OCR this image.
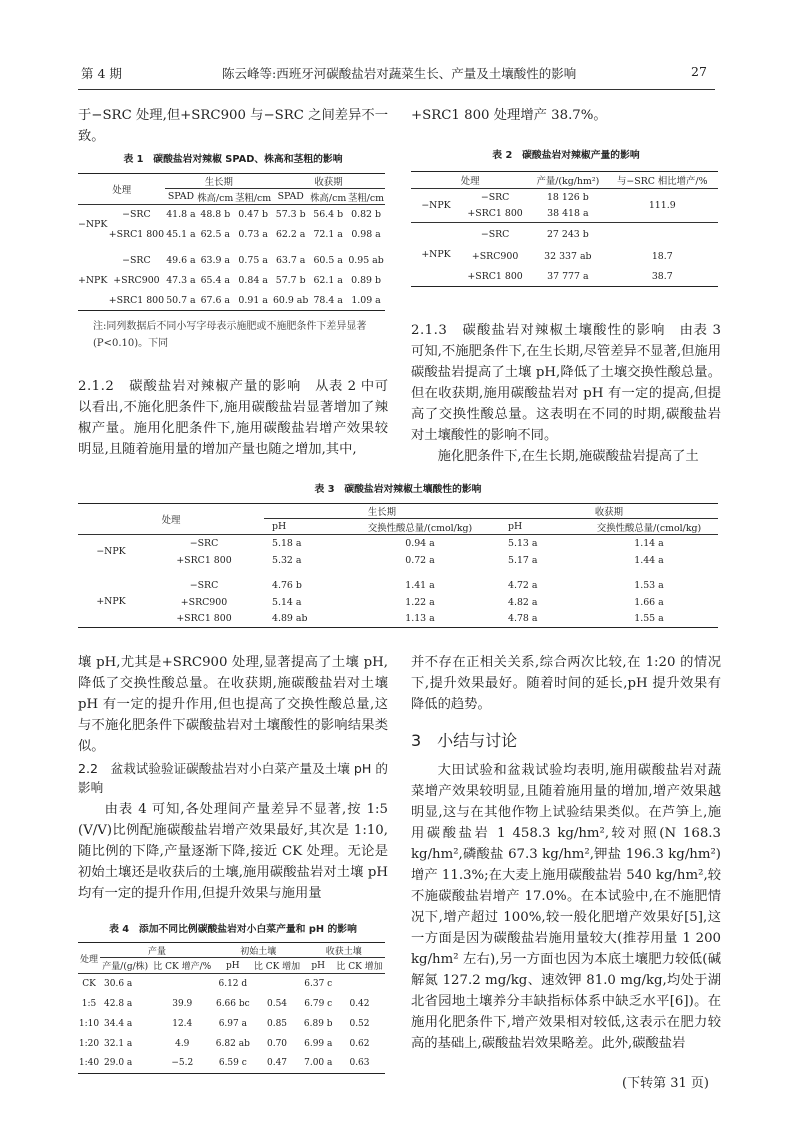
第 4 期	陈云峰等:西班牙河碳酸盐岩对蔬菜生长、产量及土壤酸性的影响	27
于−SRC 处理,但+SRC900 与−SRC 之间差异不一致。
+SRC1 800 处理增产 38.7%。
表 1　碳酸盐岩对辣椒 SPAD、株高和茎粗的影响
处理		生长期			收获期		
		SPAD	株高/cm	茎粗/cm	SPAD	株高/cm	茎粗/cm
−NPK	−SRC	41.8 a	48.8 b	0.47 b	57.3 b	56.4 b	0.82 b
	+SRC1 800	45.1 a	62.5 a	0.73 a	62.2 a	72.1 a	0.98 a

+NPK	−SRC	49.6 a	63.9 a	0.75 a	63.7 a	60.5 a	0.95 ab
	+SRC900	47.3 a	65.4 a	0.84 a	57.7 b	62.1 a	0.89 b
	+SRC1 800	50.7 a	67.6 a	0.91 a	60.9 ab	78.4 a	1.09 a
注:同列数据后不同小写字母表示施肥或不施肥条件下差异显著
(P<0.10)。下同
表 2　碳酸盐岩对辣椒产量的影响
处理		产量/(kg/hm²)	与−SRC 相比增产/%
−NPK	−SRC	18 126 b	111.9
	+SRC1 800	38 418 a	
+NPK	−SRC	27 243 b	
	+SRC900	32 337 ab	18.7
	+SRC1 800	37 777 a	38.7

2.1.2　碳酸盐岩对辣椒产量的影响　 从表 2 中可以看出,不施化肥条件下,施用碳酸盐岩显著增加了辣椒产量。施用化肥条件下,施用碳酸盐岩增产效果较明显,且随着施用量的增加产量也随之增加,其中,

2.1.3　碳酸盐岩对辣椒土壤酸性的影响　 由表 3 可知,不施肥条件下,在生长期,尽管差异不显著,但施用碳酸盐岩提高了土壤 pH,降低了土壤交换性酸总量。但在收获期,施用碳酸盐岩对 pH 有一定的提高,但提高了交换性酸总量。这表明在不同的时期,碳酸盐岩对土壤酸性的影响不同。

施化肥条件下,在生长期,施碳酸盐岩提高了土

表 3　碳酸盐岩对辣椒土壤酸性的影响
处理		生长期		收获期	
		pH	交换性酸总量/(cmol/kg)	pH	交换性酸总量/(cmol/kg)
−NPK	−SRC	5.18 a	0.94 a	5.13 a	1.14 a
	+SRC1 800	5.32 a	0.72 a	5.17 a	1.44 a

+NPK	−SRC	4.76 b	1.41 a	4.72 a	1.53 a
	+SRC900	5.14 a	1.22 a	4.82 a	1.66 a
	+SRC1 800	4.89 ab	1.13 a	4.78 a	1.55 a
壤 pH,尤其是+SRC900 处理,显著提高了土壤 pH,降低了交换性酸总量。在收获期,施碳酸盐岩对土壤 pH 有一定的提升作用,但也提高了交换性酸总量,这与不施化肥条件下碳酸盐岩对土壤酸性的影响结果类似。
2.2　盆栽试验验证碳酸盐岩对小白菜产量及土壤 pH 的影响

由表 4 可知,各处理间产量差异不显著,按 1:5 (V/V)比例配施碳酸盐岩增产效果最好,其次是 1:10,随比例的下降,产量逐渐下降,接近 CK 处理。无论是初始土壤还是收获后的土壤,施用碳酸盐岩对土壤 pH 均有一定的提升作用,但提升效果与施用量

表 4　添加不同比例碳酸盐岩对小白菜产量和 pH 的影响
处理	产量		初始土壤		收获土壤	
	产量/(g/株)	比 CK 增产/%	pH	比 CK 增加	pH	比 CK 增加
CK	30.6 a		6.12 d		6.37 c	
1:5	42.8 a	39.9	6.66 bc	0.54	6.79 c	0.42
1:10	34.4 a	12.4	6.97 a	0.85	6.89 b	0.52
1:20	32.1 a	4.9	6.82 ab	0.70	6.99 a	0.62
1:40	29.0 a	−5.2	6.59 c	0.47	7.00 a	0.63
并不存在正相关关系,综合两次比较,在 1:20 的情况下,提升效果最好。随着时间的延长,pH 提升效果有降低的趋势。
3　小结与讨论

大田试验和盆栽试验均表明,施用碳酸盐岩对蔬菜增产效果较明显,且随着施用量的增加,增产效果越明显,这与在其他作物上试验结果类似。在芦笋上,施用碳酸盐岩 1 458.3 kg/hm²,较对照(N 168.3 kg/hm²,磷酸盐 67.3 kg/hm²,钾盐 196.3 kg/hm²)增产 11.3%;在大麦上施用碳酸盐岩 540 kg/hm²,较不施碳酸盐岩增产 17.0%。在本试验中,在不施肥情况下,增产超过 100%,较一般化肥增产效果好[5],这一方面是因为碳酸盐岩施用量较大(推荐用量 1 200 kg/hm² 左右),另一方面也因为本底土壤肥力较低(碱解氮 127.2 mg/kg、速效钾 81.0 mg/kg,均处于湖北省园地土壤养分丰缺指标体系中缺乏水平[6])。在施用化肥条件下,增产效果相对较低,这表示在肥力较高的基础上,碳酸盐岩效果略差。此外,碳酸盐岩

(下转第 31 页)
